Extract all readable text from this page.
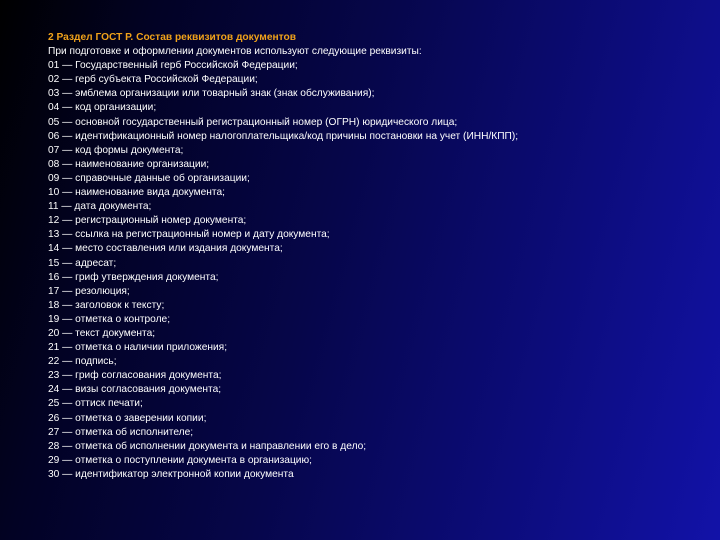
2 Раздел ГОСТ Р. Состав реквизитов документов

При подготовке и оформлении документов используют следующие реквизиты:

01 — Государственный герб Российской Федерации;

02 — герб субъекта Российской Федерации;

03 — эмблема организации или товарный знак (знак обслуживания);

04 — код организации;

05 — основной государственный регистрационный номер (ОГРН) юридического лица;

06 — идентификационный номер налогоплательщика/код причины постановки на учет (ИНН/КПП);

07 — код формы документа;

08 — наименование организации;

09 — справочные данные об организации;

10 — наименование вида документа;

11 — дата документа;

12 — регистрационный номер документа;

13 — ссылка на регистрационный номер и дату документа;

14 — место составления или издания документа;

15 — адресат;

16 — гриф утверждения документа;

17 — резолюция;

18 — заголовок к тексту;

19 — отметка о контроле;

20 — текст документа;

21 — отметка о наличии приложения;

22 — подпись;

23 — гриф согласования документа;

24 — визы согласования документа;

25 — оттиск печати;

26 — отметка о заверении копии;

27 — отметка об исполнителе;

28 — отметка об исполнении документа и направлении его в дело;

29 — отметка о поступлении документа в организацию;

30 — идентификатор электронной копии документа
